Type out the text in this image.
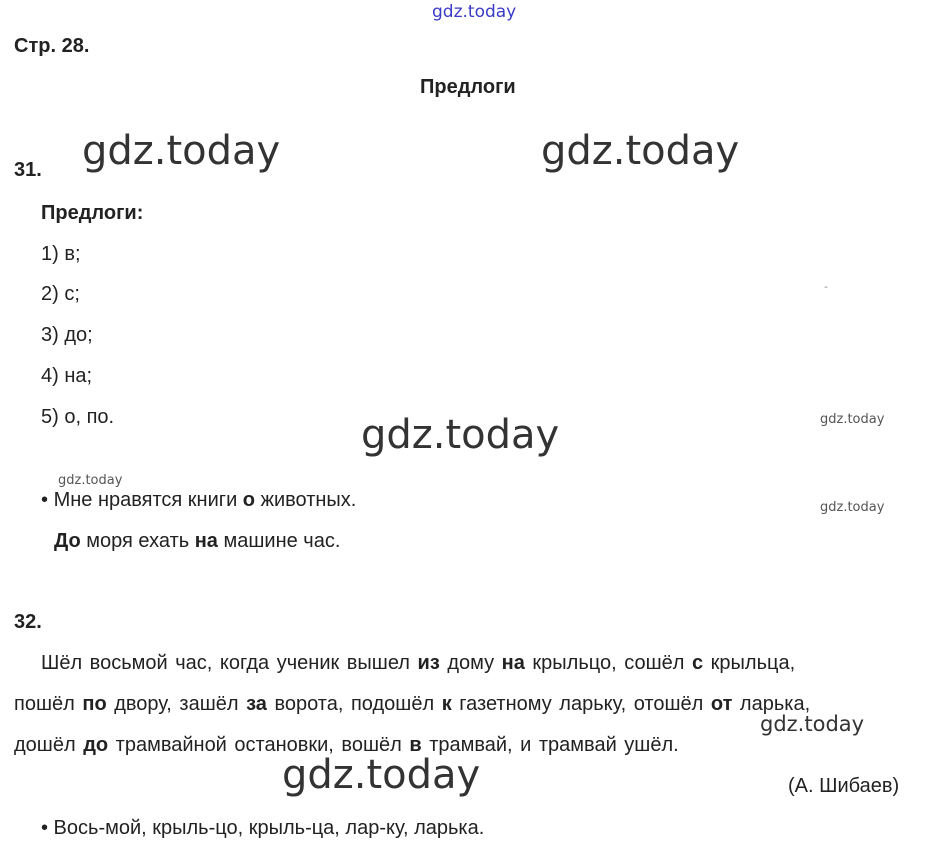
gdz.today
gdz.today	gdz.today
gdz.today
gdz.today
gdz.today
gdz.today
gdz.today
gdz.today
-
Стр. 28.
Предлоги
31.
Предлоги:
1) в;
2) с;
3) до;
4) на;
5) о, по.
• Мне нравятся книги о животных.
До моря ехать на машине час.
32.
Шёл восьмой час, когда ученик вышел из дому на крыльцо, сошёл с крыльца,
пошёл по двору, зашёл за ворота, подошёл к газетному ларьку, отошёл от ларька,
дошёл до трамвайной остановки, вошёл в трамвай, и трамвай ушёл.
(А. Шибаев)
• Вось-мой, крыль-цо, крыль-ца, лар-ку, ларька.
